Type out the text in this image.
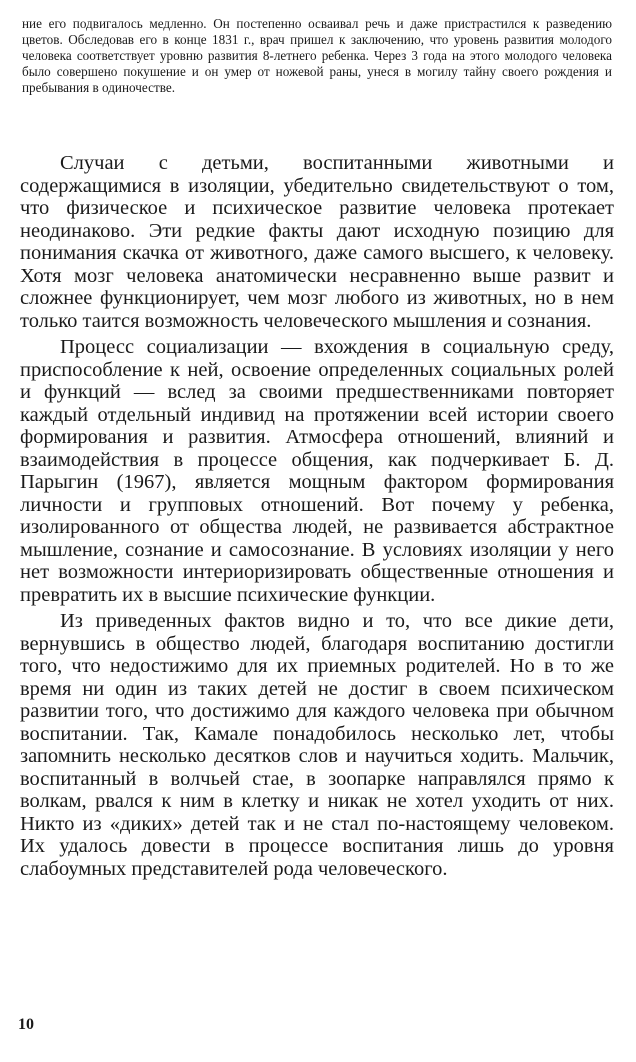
ние его подвигалось медленно. Он постепенно осваивал речь и даже пристрастился к разведению цветов. Обследовав его в конце 1831 г., врач пришел к заключению, что уровень развития молодого человека соответствует уровню развития 8-летнего ребенка. Через 3 года на этого молодого человека было совершено покушение и он умер от ножевой раны, унеся в могилу тайну своего рождения и пребывания в одиночестве.

Случаи с детьми, воспитанными животными и содержащимися в изоляции, убедительно свидетельствуют о том, что физическое и психическое развитие человека протекает неодинаково. Эти редкие факты дают исходную позицию для понимания скачка от животного, даже самого высшего, к человеку. Хотя мозг человека анатомически несравненно выше развит и сложнее функционирует, чем мозг любого из животных, но в нем только таится возможность человеческого мышления и сознания.

Процесс социализации — вхождения в социальную среду, приспособление к ней, освоение определенных социальных ролей и функций — вслед за своими предшественниками повторяет каждый отдельный индивид на протяжении всей истории своего формирования и развития. Атмосфера отношений, влияний и взаимодействия в процессе общения, как подчеркивает Б. Д. Парыгин (1967), является мощным фактором формирования личности и групповых отношений. Вот почему у ребенка, изолированного от общества людей, не развивается абстрактное мышление, сознание и самосознание. В условиях изоляции у него нет возможности интериоризировать общественные отношения и превратить их в высшие психические функции.

Из приведенных фактов видно и то, что все дикие дети, вернувшись в общество людей, благодаря воспитанию достигли того, что недостижимо для их приемных родителей. Но в то же время ни один из таких детей не достиг в своем психическом развитии того, что достижимо для каждого человека при обычном воспитании. Так, Камале понадобилось несколько лет, чтобы запомнить несколько десятков слов и научиться ходить. Мальчик, воспитанный в волчьей стае, в зоопарке направлялся прямо к волкам, рвался к ним в клетку и никак не хотел уходить от них. Никто из «диких» детей так и не стал по-настоящему человеком. Их удалось довести в процессе воспитания лишь до уровня слабоумных представителей рода человеческого.

10
